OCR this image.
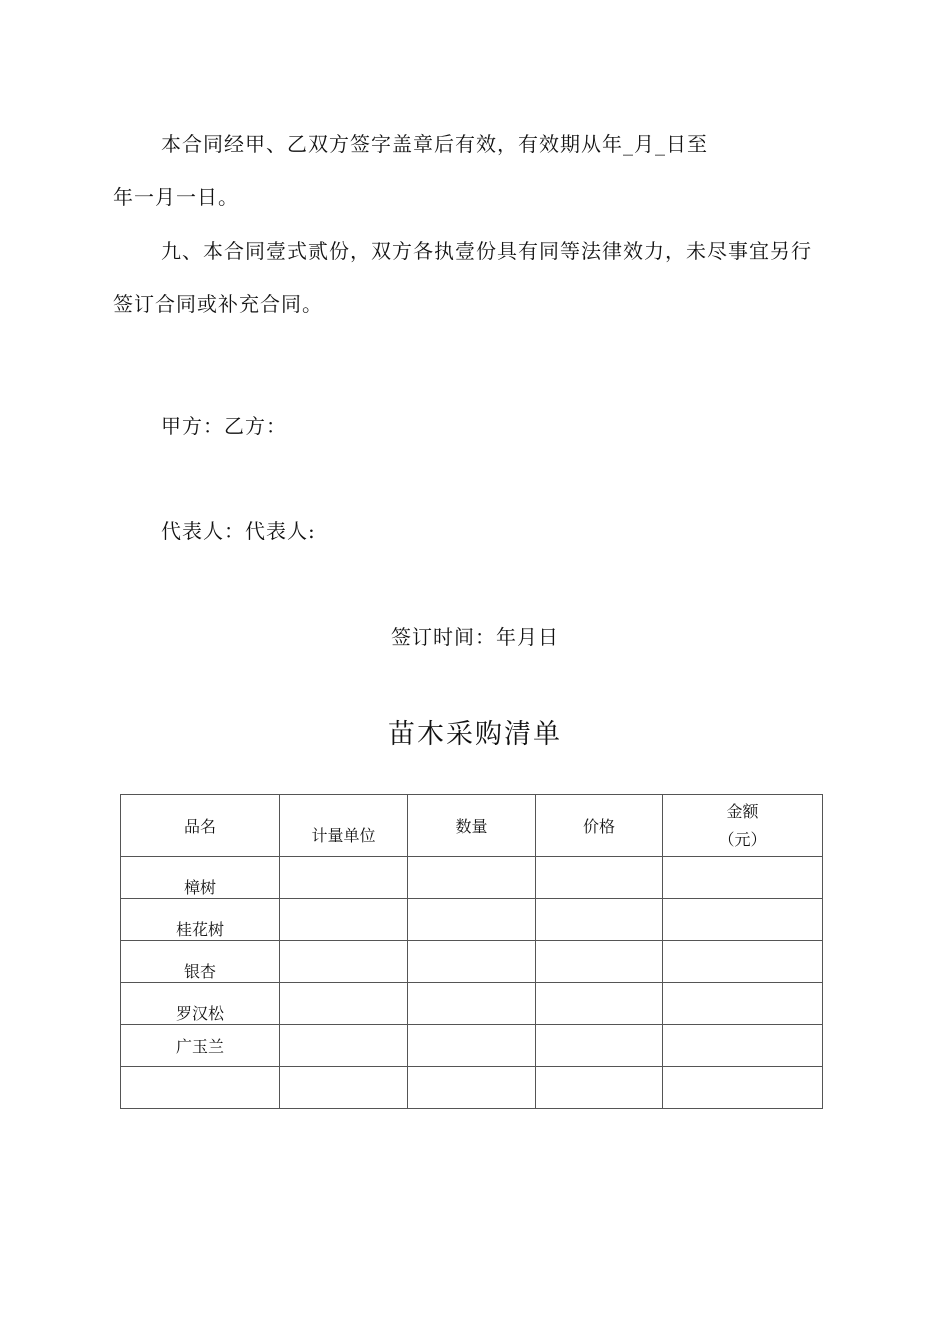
本合同经甲、乙双方签字盖章后有效，有效期从年_月_日至
年一月一日。
九、本合同壹式贰份，双方各执壹份具有同等法律效力，未尽事宜另行
签订合同或补充合同。
甲方：乙方：
代表人：代表人:
签订时间：年月日
苗木采购清单
品名	计量单位	数量	价格	金额
（元）

樟树				

桂花树				

银杏				

罗汉松				

广玉兰				
